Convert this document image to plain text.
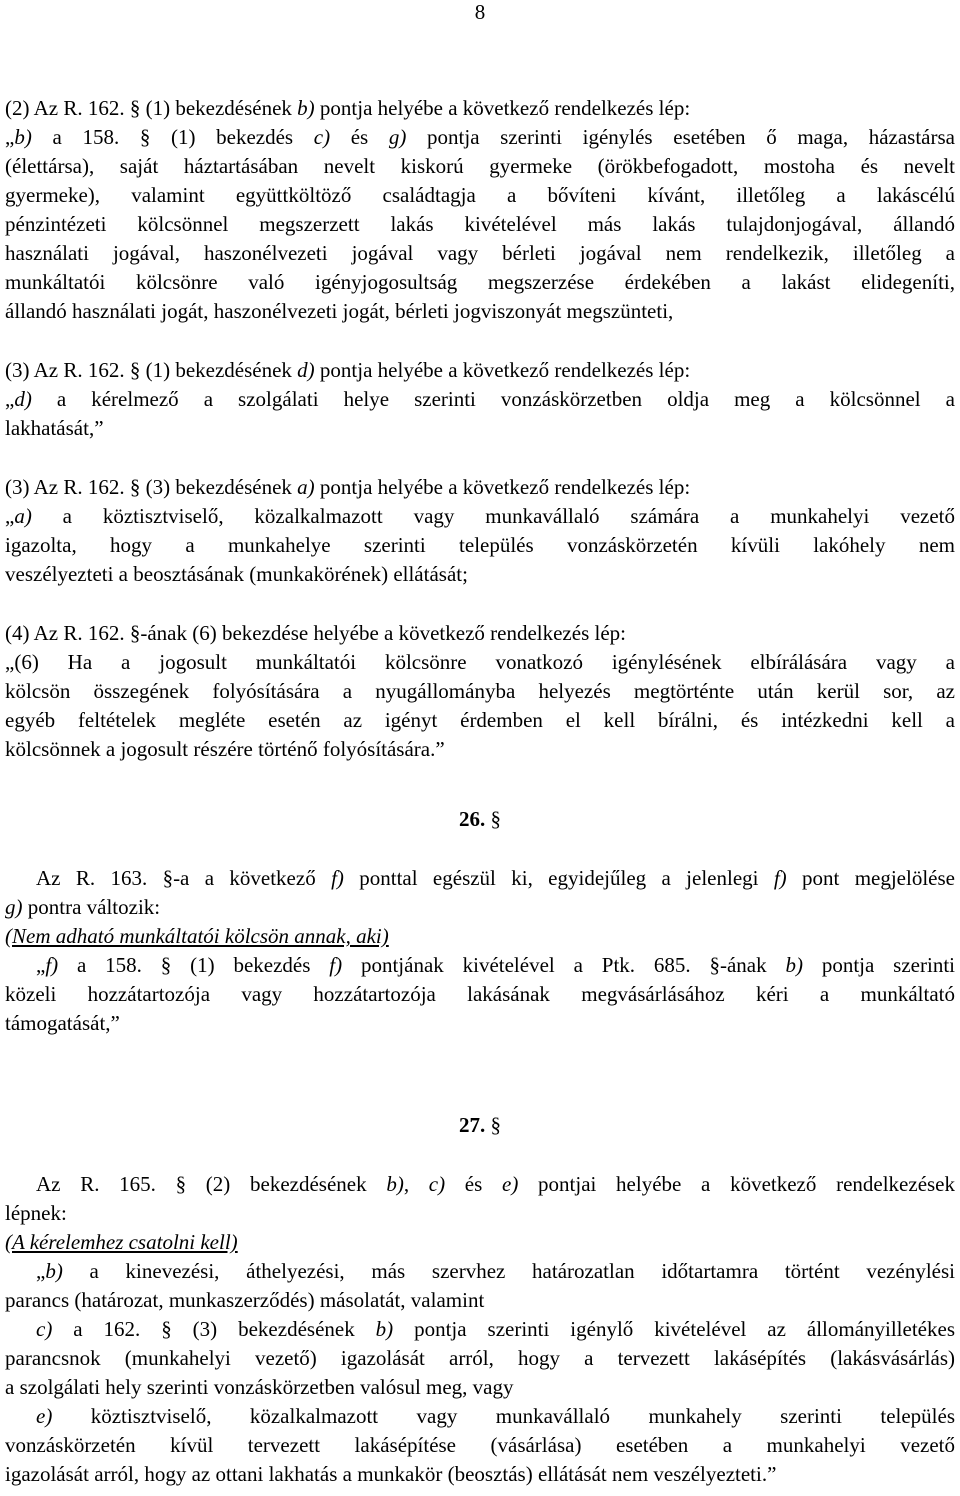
8
(2) Az R. 162. § (1) bekezdésének b) pontja helyébe a következő rendelkezés lép:
„b) a 158. § (1) bekezdés c) és g) pontja szerinti igénylés esetében ő maga, házastársa
(élettársa), saját háztartásában nevelt kiskorú gyermeke (örökbefogadott, mostoha és nevelt
gyermeke), valamint együttköltöző családtagja a bővíteni kívánt, illetőleg a lakáscélú
pénzintézeti kölcsönnel megszerzett lakás kivételével más lakás tulajdonjogával, állandó
használati jogával, haszonélvezeti jogával vagy bérleti jogával nem rendelkezik, illetőleg a
munkáltatói kölcsönre való igényjogosultság megszerzése érdekében a lakást elidegeníti,
állandó használati jogát, haszonélvezeti jogát, bérleti jogviszonyát megszünteti,
(3) Az R. 162. § (1) bekezdésének d) pontja helyébe a következő rendelkezés lép:
„d) a kérelmező a szolgálati helye szerinti vonzáskörzetben oldja meg a kölcsönnel a
lakhatását,”
(3) Az R. 162. § (3) bekezdésének a) pontja helyébe a következő rendelkezés lép:
„a) a köztisztviselő, közalkalmazott vagy munkavállaló számára a munkahelyi vezető
igazolta, hogy a munkahelye szerinti település vonzáskörzetén kívüli lakóhely nem
veszélyezteti a beosztásának (munkakörének) ellátását;
(4) Az R. 162. §-ának (6) bekezdése helyébe a következő rendelkezés lép:
„(6) Ha a jogosult munkáltatói kölcsönre vonatkozó igénylésének elbírálására vagy a
kölcsön összegének folyósítására a nyugállományba helyezés megtörténte után kerül sor, az
egyéb feltételek megléte esetén az igényt érdemben el kell bírálni, és intézkedni kell a
kölcsönnek a jogosult részére történő folyósítására.”
26. §
Az R. 163. §-a a következő f) ponttal egészül ki, egyidejűleg a jelenlegi f) pont megjelölése
g) pontra változik:
(Nem adható munkáltatói kölcsön annak, aki)
„f) a 158. § (1) bekezdés f) pontjának kivételével a Ptk. 685. §-ának b) pontja szerinti
közeli hozzátartozója vagy hozzátartozója lakásának megvásárlásához kéri a munkáltató
támogatását,”
27. §
Az R. 165. § (2) bekezdésének b), c) és e) pontjai helyébe a következő rendelkezések
lépnek:
(A kérelemhez csatolni kell)
„b) a kinevezési, áthelyezési, más szervhez határozatlan időtartamra történt vezénylési
parancs (határozat, munkaszerződés) másolatát, valamint
c) a 162. § (3) bekezdésének b) pontja szerinti igénylő kivételével az állományilletékes
parancsnok (munkahelyi vezető) igazolását arról, hogy a tervezett lakásépítés (lakásvásárlás)
a szolgálati hely szerinti vonzáskörzetben valósul meg, vagy
e) köztisztviselő, közalkalmazott vagy munkavállaló munkahely szerinti település
vonzáskörzetén kívül tervezett lakásépítése (vásárlása) esetében a munkahelyi vezető
igazolását arról, hogy az ottani lakhatás a munkakör (beosztás) ellátását nem veszélyezteti.”
